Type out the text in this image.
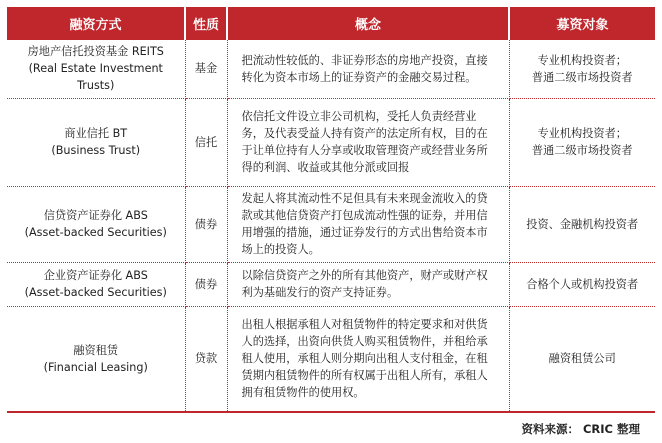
融资方式	性质	概念	募资对象

房地产信托投资基金 REITS
(Real Estate Investment
Trusts)	基金	把流动性较低的、非证券形态的房地产投资，直接转化为资本市场上的证券资产的金融交易过程。	专业机构投资者；
普通二级市场投资者

商业信托 BT
(Business Trust)	信托	依信托文件设立非公司机构，受托人负责经营业务，及代表受益人持有资产的法定所有权，目的在于让单位持有人分享或收取管理资产或经营业务所得的利润、收益或其他分派或回报	专业机构投资者；
普通二级市场投资者

信贷资产证券化 ABS
(Asset-backed Securities)	债券	发起人将其流动性不足但具有未来现金流收入的贷款或其他信贷资产打包成流动性强的证券，并用信用增强的措施，通过证券发行的方式出售给资本市场上的投资人。	投资、金融机构投资者

企业资产证券化 ABS
(Asset-backed Securities)	债券	以除信贷资产之外的所有其他资产，财产或财产权利为基础发行的资产支持证券。	合格个人或机构投资者

融资租赁
(Financial Leasing)	贷款	出租人根据承租人对租赁物件的特定要求和对供货人的选择，出资向供货人购买租赁物件，并租给承租人使用，承租人则分期向出租人支付租金，在租赁期内租赁物件的所有权属于出租人所有，承租人拥有租赁物件的使用权。	融资租赁公司
资料来源： CRIC 整理
